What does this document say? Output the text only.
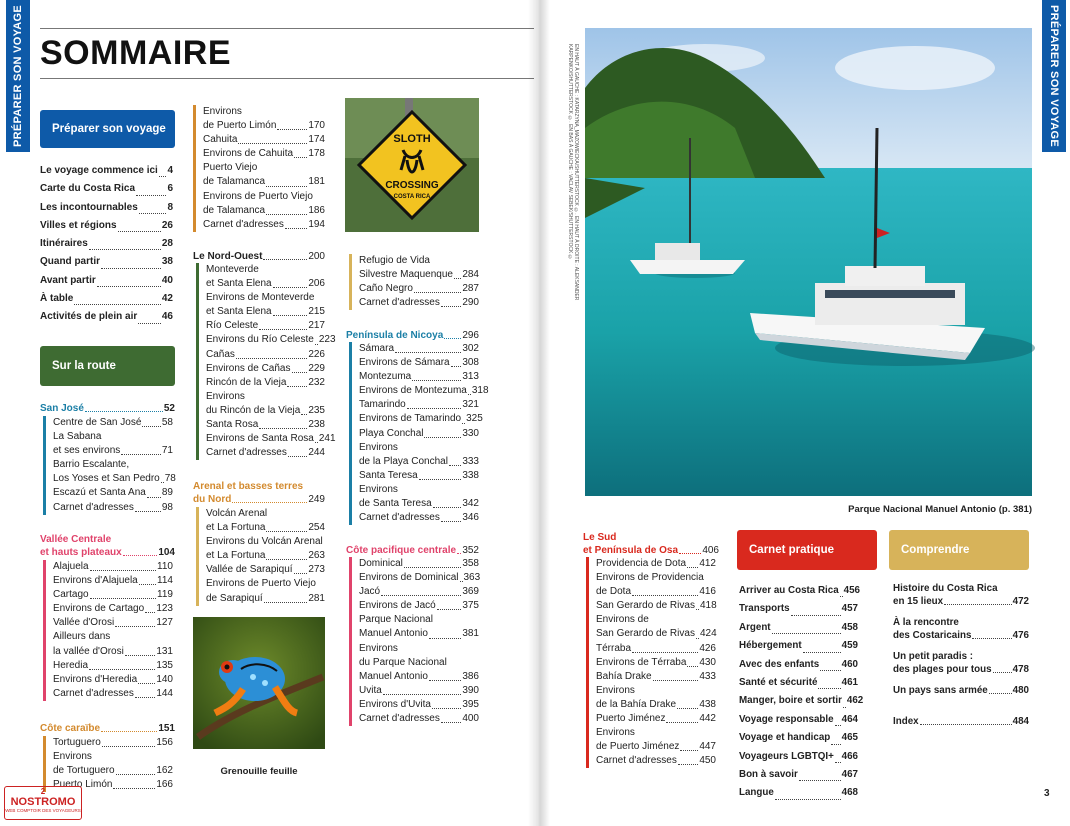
PRÉPARER SON VOYAGE SOMMAIRE
Préparer son voyage
Le voyage commence ici 4
Carte du Costa Rica	6
Les incontournables	8
Villes et régions	26
Itinéraires	28
Quand partir	38
Avant partir	40
À table	42
Activités de plein air 46
Sur la route
San José	52
Centre de San José 58
La Sabana
et ses environs	71
Barrio Escalante,
Los Yoses et San Pedro 78
Escazú et Santa Ana 89
Carnet d'adresses	98
Vallée Centrale
et hauts plateaux	104
Alajuela	110
Environs d'Alajuela 114
Cartago	119
Environs de Cartago 123
Vallée d'Orosi	127
Ailleurs dans
la vallée d'Orosi	131
Heredia	135
Environs d'Heredia 140
Carnet d'adresses 144
Côte caraïbe	151
Tortuguero	156
Environs
de Tortuguero	162
Puerto Limón	166
Environs
de Puerto Limón	170
Cahuita	174
Environs de Cahuita 178
Puerto Viejo
de Talamanca	181
Environs de Puerto Viejo
de Talamanca	186
Carnet d'adresses 194
Le Nord-Ouest	200
Monteverde
et Santa Elena	206
Environs de Monteverde
et Santa Elena	215
Río Celeste	217
Environs du Río Celeste 223
Cañas	226
Environs de Cañas 229
Rincón de la Vieja 232
Environs
du Rincón de la Vieja 235
Santa Rosa	238
Environs de Santa Rosa 241
Carnet d'adresses 244
Arenal et basses terres
du Nord	249
Volcán Arenal
et La Fortuna	254
Environs du Volcán Arenal
et La Fortuna	263
Vallée de Sarapiquí 273
Environs de Puerto Viejo
de Sarapiquí	281
Grenouille feuille
SLOTH
CROSSING
COSTA RICA
Refugio de Vida
Silvestre Maquenque 284
Caño Negro	287
Carnet d'adresses 290
Península de Nicoya 296
Sámara	302
Environs de Sámara 308
Montezuma	313
Environs de Montezuma 318
Tamarindo	321
Environs de Tamarindo 325
Playa Conchal	330
Environs
de la Playa Conchal 333
Santa Teresa	338
Environs
de Santa Teresa	342
Carnet d'adresses 346
Côte pacifique centrale 352
Dominical	358
Environs de Dominical 363
Jacó	369
Environs de Jacó	375
Parque Nacional
Manuel Antonio	381
Environs
du Parque Nacional
Manuel Antonio	386
Uvita	390
Environs d'Uvita	395
Carnet d'adresses 400
2
NOSTROMO
WEB COMPTOIR DES VOYAGEURS
PRÉPARER SON VOYAGE
EN HAUT À GAUCHE : KATARZYNA_MAZOWIECKA/SHUTTERSTOCK ©. EN HAUT À DROITE : ALEKSANDER KARPENKO/SHUTTERSTOCK ©. EN BAS À GAUCHE : VACLAV SEBEK/SHUTTERSTOCK ©
Parque Nacional Manuel Antonio (p. 381)
Le Sud
et Península de Osa 406
Providencia de Dota 412
Environs de Providencia
de Dota	416
San Gerardo de Rivas 418
Environs de
San Gerardo de Rivas 424
Térraba	426
Environs de Térraba 430
Bahía Drake	433
Environs
de la Bahía Drake 438
Puerto Jiménez	442
Environs
de Puerto Jiménez 447
Carnet d'adresses 450
Carnet pratique
Arriver au Costa Rica 456
Transports	457
Argent	458
Hébergement	459
Avec des enfants 460
Santé et sécurité 461
Manger, boire et sortir 462
Voyage responsable 464
Voyage et handicap 465
Voyageurs LGBTQI+ 466
Bon à savoir	467
Langue	468
Comprendre
Histoire du Costa Rica
en 15 lieux	472
À la rencontre
des Costaricains	476
Un petit paradis :
des plages pour tous 478
Un pays sans armée	480
Index	484
3
